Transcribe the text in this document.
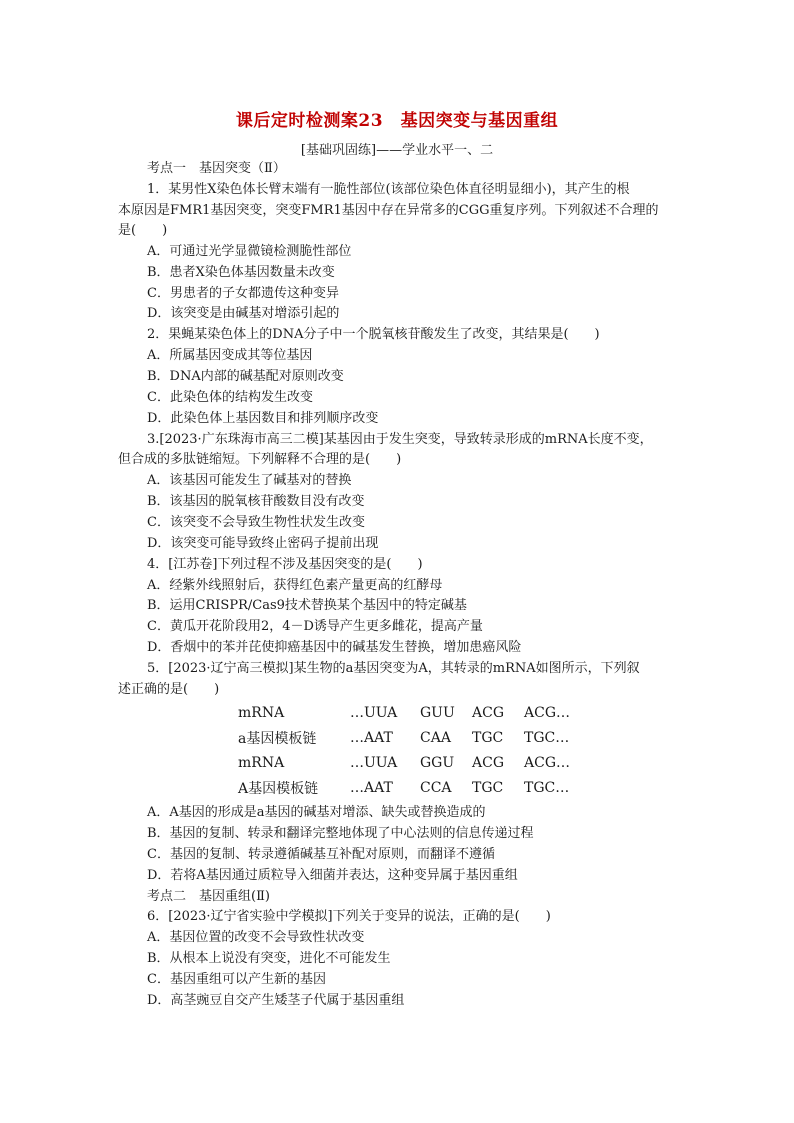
课后定时检测案23　基因突变与基因重组
[基础巩固练]——学业水平一、二
考点一　基因突变（Ⅱ）
1．某男性X染色体长臂末端有一脆性部位(该部位染色体直径明显细小)，其产生的根
本原因是FMR1基因突变，突变FMR1基因中存在异常多的CGG重复序列。下列叙述不合理的
是(　　)
A．可通过光学显微镜检测脆性部位
B．患者X染色体基因数量未改变
C．男患者的子女都遗传这种变异
D．该突变是由碱基对增添引起的
2．果蝇某染色体上的DNA分子中一个脱氧核苷酸发生了改变，其结果是(　　)
A．所属基因变成其等位基因
B．DNA内部的碱基配对原则改变
C．此染色体的结构发生改变
D．此染色体上基因数目和排列顺序改变
3.[2023·广东珠海市高三二模]某基因由于发生突变，导致转录形成的mRNA长度不变，
但合成的多肽链缩短。下列解释不合理的是(　　)
A．该基因可能发生了碱基对的替换
B．该基因的脱氧核苷酸数目没有改变
C．该突变不会导致生物性状发生改变
D．该突变可能导致终止密码子提前出现
4．[江苏卷]下列过程不涉及基因突变的是(　　)
A．经紫外线照射后，获得红色素产量更高的红酵母
B．运用CRISPR/Cas9技术替换某个基因中的特定碱基
C．黄瓜开花阶段用2，4－D诱导产生更多雌花，提高产量
D．香烟中的苯并芘使抑癌基因中的碱基发生替换，增加患癌风险
5．[2023·辽宁高三模拟]某生物的a基因突变为A，其转录的mRNA如图所示，下列叙
述正确的是(　　)
mRNA	…UUA	GUU	ACG	ACG…
a基因模板链	…AAT	CAA	TGC	TGC…
mRNA	…UUA	GGU	ACG	ACG…
A基因模板链	…AAT	CCA	TGC	TGC…
A．A基因的形成是a基因的碱基对增添、缺失或替换造成的
B．基因的复制、转录和翻译完整地体现了中心法则的信息传递过程
C．基因的复制、转录遵循碱基互补配对原则，而翻译不遵循
D．若将A基因通过质粒导入细菌并表达，这种变异属于基因重组
考点二　基因重组(Ⅱ)
6．[2023·辽宁省实验中学模拟]下列关于变异的说法，正确的是(　　)
A．基因位置的改变不会导致性状改变
B．从根本上说没有突变，进化不可能发生
C．基因重组可以产生新的基因
D．高茎豌豆自交产生矮茎子代属于基因重组
